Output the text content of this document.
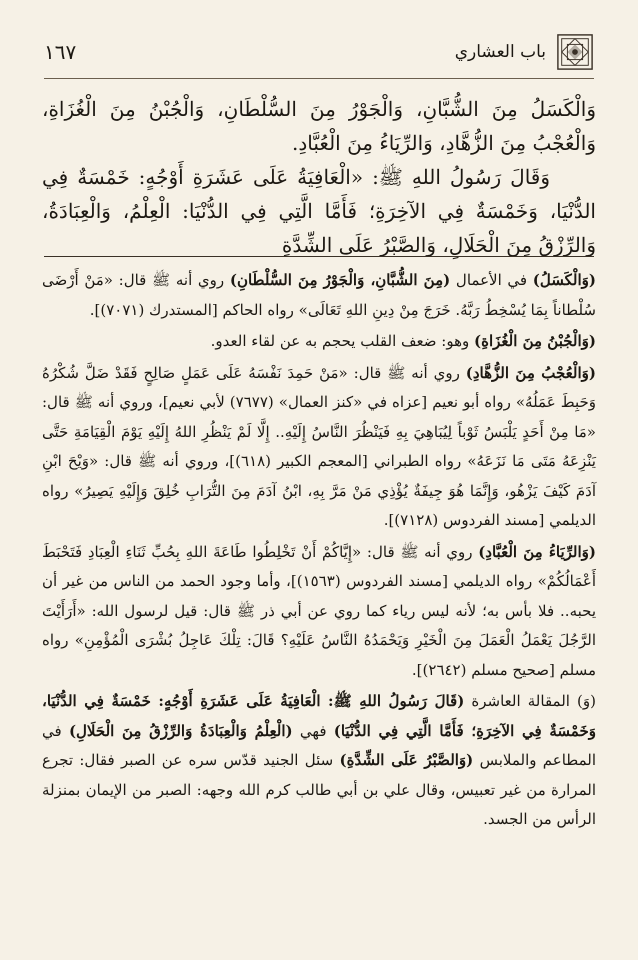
باب العشاري
١٦٧

وَالْكَسَلُ مِنَ الشُّبَّانِ، وَالْجَوْرُ مِنَ السُّلْطَانِ، وَالْجُبْنُ مِنَ الْغُزَاةِ، وَالْعُجْبُ مِنَ الزُّهَّادِ، وَالرِّيَاءُ مِنَ الْعُبَّادِ.

وَقَالَ رَسُولُ اللهِ ﷺ: «الْعَافِيَةُ عَلَى عَشَرَةِ أَوْجُهٍ: خَمْسَةٌ فِي الدُّنْيَا، وَخَمْسَةٌ فِي الآخِرَةِ؛ فَأَمَّا الَّتِي فِي الدُّنْيَا: الْعِلْمُ، وَالْعِبَادَةُ، وَالرِّزْقُ مِنَ الْحَلَالِ، وَالصَّبْرُ عَلَى الشِّدَّةِ

(وَالْكَسَلُ) في الأعمال (مِنَ الشُّبَّانِ، وَالْجَوْرُ مِنَ السُّلْطَانِ) روي أنه ﷺ قال: «مَنْ أَرْضَى سُلْطاناً بِمَا يُسْخِطُ رَبَّهُ. خَرَجَ مِنْ دِينِ اللهِ تَعَالَى» رواه الحاكم [المستدرك (٧٠٧١)].

(وَالْجُبْنُ مِنَ الْغُزَاةِ) وهو: ضعف القلب يحجم به عن لقاء العدو.

(وَالْعُجْبُ مِنَ الزُّهَّادِ) روي أنه ﷺ قال: «مَنْ حَمِدَ نَفْسَهُ عَلَى عَمَلٍ صَالِحٍ فَقَدْ ضَلَّ شُكْرُهُ وَحَبِطَ عَمَلُهُ» رواه أبو نعيم [عزاه في «كنز العمال» (٧٦٧٧) لأبي نعيم]، وروي أنه ﷺ قال: «مَا مِنْ أَحَدٍ يَلْبَسُ ثَوْباً لِيُبَاهِيَ بِهِ فَيَنْظُرَ النَّاسُ إِلَيْهِ.. إِلَّا لَمْ يَنْظُرِ اللهُ إِلَيْهِ يَوْمَ الْقِيَامَةِ حَتَّى يَنْزِعَهُ مَتَى مَا نَزَعَهُ» رواه الطبراني [المعجم الكبير (٦١٨)]، وروي أنه ﷺ قال: «وَيْحَ ابْنِ آدَمَ كَيْفَ يَزْهُو، وَإِنَّمَا هُوَ جِيفَةٌ يُؤْذِي مَنْ مَرَّ بِهِ، ابْنُ آدَمَ مِنَ التُّرَابِ خُلِقَ وَإِلَيْهِ يَصِيرُ» رواه الديلمي [مسند الفردوس (٧١٢٨)].

(وَالرِّيَاءُ مِنَ الْعُبَّادِ) روي أنه ﷺ قال: «إِيَّاكُمْ أَنْ تَخْلِطُوا طَاعَةَ اللهِ بِحُبِّ ثَنَاءِ الْعِبَادِ فَتَحْبَطَ أَعْمَالُكُمْ» رواه الديلمي [مسند الفردوس (١٥٦٣)]، وأما وجود الحمد من الناس من غير أن يحبه.. فلا بأس به؛ لأنه ليس رياء كما روي عن أبي ذر ﷺ قال: قيل لرسول الله: «أَرَأَيْتَ الرَّجُلَ يَعْمَلُ الْعَمَلَ مِنَ الْخَيْرِ وَيَحْمَدُهُ النَّاسُ عَلَيْهِ؟ قَالَ: تِلْكَ عَاجِلُ بُشْرَى الْمُؤْمِنِ» رواه مسلم [صحيح مسلم (٢٦٤٢)].

(وَ) المقالة العاشرة (قَالَ رَسُولُ اللهِ ﷺ: الْعَافِيَةُ عَلَى عَشَرَةِ أَوْجُهٍ: خَمْسَةٌ فِي الدُّنْيَا، وَخَمْسَةٌ فِي الآخِرَةِ؛ فَأَمَّا الَّتِي فِي الدُّنْيَا) فهي (الْعِلْمُ وَالْعِبَادَةُ وَالرِّزْقُ مِنَ الْحَلَالِ) في المطاعم والملابس (وَالصَّبْرُ عَلَى الشِّدَّةِ) سئل الجنيد قدّس سره عن الصبر فقال: تجرع المرارة من غير تعبيس، وقال علي بن أبي طالب كرم الله وجهه: الصبر من الإيمان بمنزلة الرأس من الجسد.
